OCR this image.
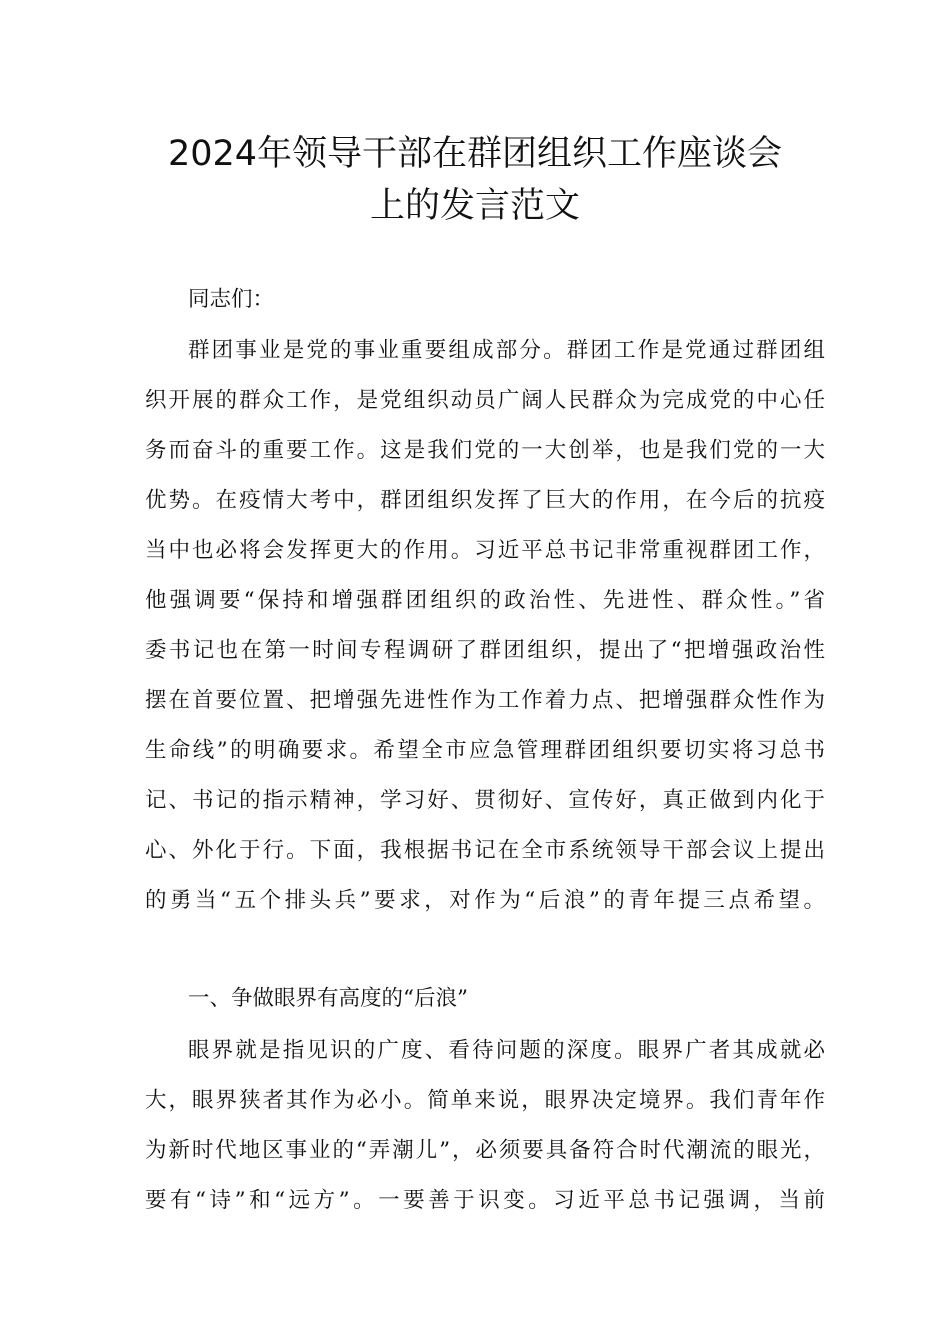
2024年领导干部在群团组织工作座谈会
上的发言范文
同志们：
群团事业是党的事业重要组成部分。群团工作是党通过群团组
织开展的群众工作，是党组织动员广阔人民群众为完成党的中心任
务而奋斗的重要工作。这是我们党的一大创举，也是我们党的一大
优势。在疫情大考中，群团组织发挥了巨大的作用，在今后的抗疫
当中也必将会发挥更大的作用。习近平总书记非常重视群团工作，
他强调要“保持和增强群团组织的政治性、先进性、群众性。”省
委书记也在第一时间专程调研了群团组织，提出了“把增强政治性
摆在首要位置、把增强先进性作为工作着力点、把增强群众性作为
生命线”的明确要求。希望全市应急管理群团组织要切实将习总书
记、书记的指示精神，学习好、贯彻好、宣传好，真正做到内化于
心、外化于行。下面，我根据书记在全市系统领导干部会议上提出
的勇当“五个排头兵”要求，对作为“后浪”的青年提三点希望。
一、争做眼界有高度的“后浪”
眼界就是指见识的广度、看待问题的深度。眼界广者其成就必
大，眼界狭者其作为必小。简单来说，眼界决定境界。我们青年作
为新时代地区事业的“弄潮儿”，必须要具备符合时代潮流的眼光，
要有“诗”和“远方”。一要善于识变。习近平总书记强调，当前
